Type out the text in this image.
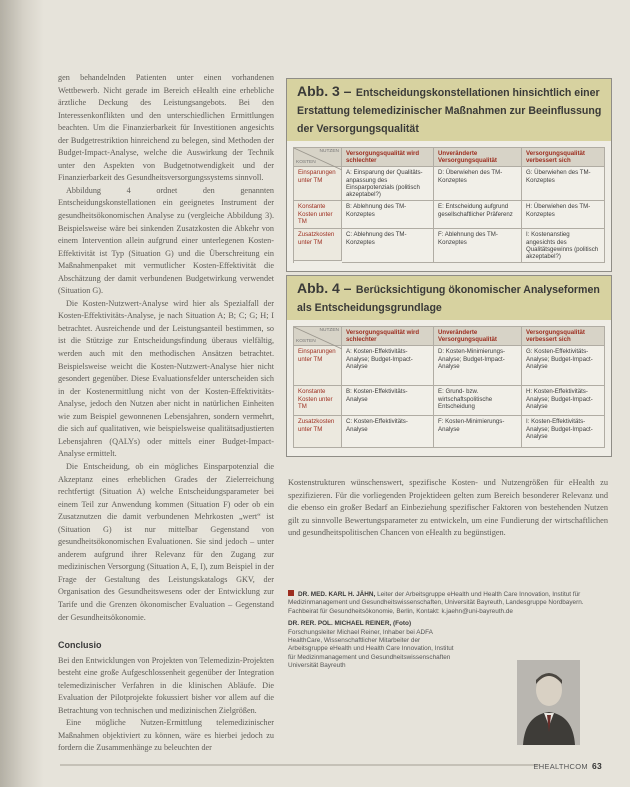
gen behandelnden Patienten unter einen vorhandenen Wettbewerb. Nicht gerade im Bereich eHealth eine erhebliche ärztliche Deckung des Leistungsangebots. Bei den Interessenkonflikten und den unterschiedlichen Ermittlungen beachten. Um die Finanzierbarkeit für Investitionen angesichts der Budgetrestriktion hinreichend zu belegen, sind Methoden der Budget-Impact-Analyse, welche die Auswirkung der Technik unter den Aspekten von Budgetnotwendigkeit und der Finanzierbarkeit des Gesundheitsversorgungssystems sinnvoll.

Abbildung 4 ordnet den genannten Entscheidungskonstellationen ein geeignetes Instrument der gesundheitsökonomischen Analyse zu (vergleiche Abbildung 3). Beispielsweise wäre bei sinkenden Zusatzkosten die Abkehr von einem Intervention allein aufgrund einer unterlegenen Kosten-Effektivität ist Typ (Situation G) und die Überschreitung ein Maßnahmenpaket mit vermutlicher Kosten-Effektivität die Abschätzung der damit verbundenen Budgetwirkung verwendet (Situation G).

Die Kosten-Nutzwert-Analyse wird hier als Spezialfall der Kosten-Effektivitäts-Analyse, je nach Situation A; B; C; G; H; I betrachtet. Ausreichende und der Leistungsanteil bestimmen, so ist die Stützige zur Entscheidungsfindung überaus vielfältig, werden auch mit den methodischen Ansätzen betrachtet. Beispielsweise weicht die Kosten-Nutzwert-Analyse hier nicht gesondert gegenüber. Diese Evaluationsfelder unterscheiden sich in der Kostenermittlung nicht von der Kosten-Effektivitäts-Analyse, jedoch den Nutzen aber nicht in natürlichen Einheiten wie zum Beispiel gewonnenen Lebensjahren, sondern vermehrt, die sich auf qualitativen, wie beispielsweise qualitätsadjustierten Lebensjahren (QALYs) oder mittels einer Budget-Impact-Analyse ermittelt.

Die Entscheidung, ob ein mögliches Einsparpotenzial die Akzeptanz eines erheblichen Grades der Zielerreichung rechtfertigt (Situation A) welche Entscheidungsparameter bei einem Teil zur Anwendung kommen (Situation F) oder ob ein Zusatznutzen die damit verbundenen Mehrkosten „wert“ ist (Situation G) ist nur mittelbar Gegenstand von gesundheitsökonomischen Evaluationen. Sie sind jedoch – unter anderem aufgrund ihrer Relevanz für den Zugang zur medizinischen Versorgung (Situation A, E, I), zum Beispiel in der Frage der Gestaltung des Leistungskatalogs GKV, der Organisation des Gesundheitswesens oder der Entwicklung zur Tarife und die Grenzen ökonomischer Evaluation – Gegenstand der Gesundheitsökonomie.

Conclusio

Bei den Entwicklungen von Projekten von Telemedizin-Projekten besteht eine große Aufgeschlossenheit gegenüber der Integration telemedizinischer Verfahren in die klinischen Abläufe. Die Evaluation der Pilotprojekte fokussiert bisher vor allem auf die Betrachtung von technischen und medizinischen Zielgrößen.

Eine mögliche Nutzen-Ermittlung telemedizinischer Maßnahmen objektiviert zu können, wäre es hierbei jedoch zu fordern die Zusammenhänge zu beleuchten der

Abb. 3 – Entscheidungskonstellationen hinsichtlich einer Erstattung telemedizinischer Maßnahmen zur Beeinflussung der Versorgungsqualität
NUTZEN
KOSTEN
Versorgungsqualität wird schlechter
Unveränderte Versorgungsqualität
Versorgungsqualität verbessert sich
Einsparungen unter TM
A: Einsparung der Qualitäts-anpassung des Einsparpotenzials (politisch akzeptabel?)
D: Überwiehen des TM-Konzeptes
G: Überwiehen des TM-Konzeptes
Konstante Kosten unter TM
B: Ablehnung des TM-Konzeptes
E: Entscheidung aufgrund gesellschaftlicher Präferenz
H: Überwiehen des TM-Konzeptes
Zusatzkosten unter TM
C: Ablehnung des TM-Konzeptes
F: Ablehnung des TM-Konzeptes
I: Kostenanstieg angesichts des Qualitätsgewinns (politisch akzeptabel?)
Abb. 4 – Berücksichtigung ökonomischer Analyseformen als Entscheidungsgrundlage
NUTZEN
KOSTEN
Versorgungsqualität wird schlechter
Unveränderte Versorgungsqualität
Versorgungsqualität verbessert sich
Einsparungen unter TM
A: Kosten-Effektivitäts-Analyse; Budget-Impact-Analyse
D: Kosten-Minimierungs-Analyse; Budget-Impact-Analyse
G: Kosten-Effektivitäts-Analyse; Budget-Impact-Analyse
Konstante Kosten unter TM
B: Kosten-Effektivitäts-Analyse
E: Grund- bzw. wirtschaftspolitische Entscheidung
H: Kosten-Effektivitäts-Analyse; Budget-Impact-Analyse
Zusatzkosten unter TM
C: Kosten-Effektivitäts-Analyse
F: Kosten-Minimierungs-Analyse
I: Kosten-Effektivitäts-Analyse; Budget-Impact-Analyse

Kostenstrukturen wünschenswert, spezifische Kosten- und Nutzengrößen für eHealth zu spezifizieren. Für die vorliegenden Projektideen gelten zum Bereich besonderer Relevanz und die ebenso ein großer Bedarf an Einbeziehung spezifischer Faktoren von bestehenden Nutzen gilt zu sinnvolle Bewertungsparameter zu entwickeln, um eine Fundierung der wirtschaftlichen und gesundheitspolitischen Chancen von eHealth zu begünstigen.

DR. MED. KARL H. JÄHN, Leiter der Arbeitsgruppe eHealth und Health Care Innovation, Institut für Medizinmanagement und Gesundheitswissenschaften, Universität Bayreuth, Landesgruppe Nordbayern. Fachbeirat für Gesundheitsökonomie, Berlin, Kontakt: k.jaehn@uni-bayreuth.de
DR. RER. POL. MICHAEL REINER, (Foto) Forschungsleiter Michael Reiner, Inhaber bei ADFA HealthCare, Wissenschaftlicher Mitarbeiter der Arbeitsgruppe eHealth und Health Care Innovation, Institut für Medizinmanagement und Gesundheitswissenschaften Universität Bayreuth
EHEALTHCOM 63
